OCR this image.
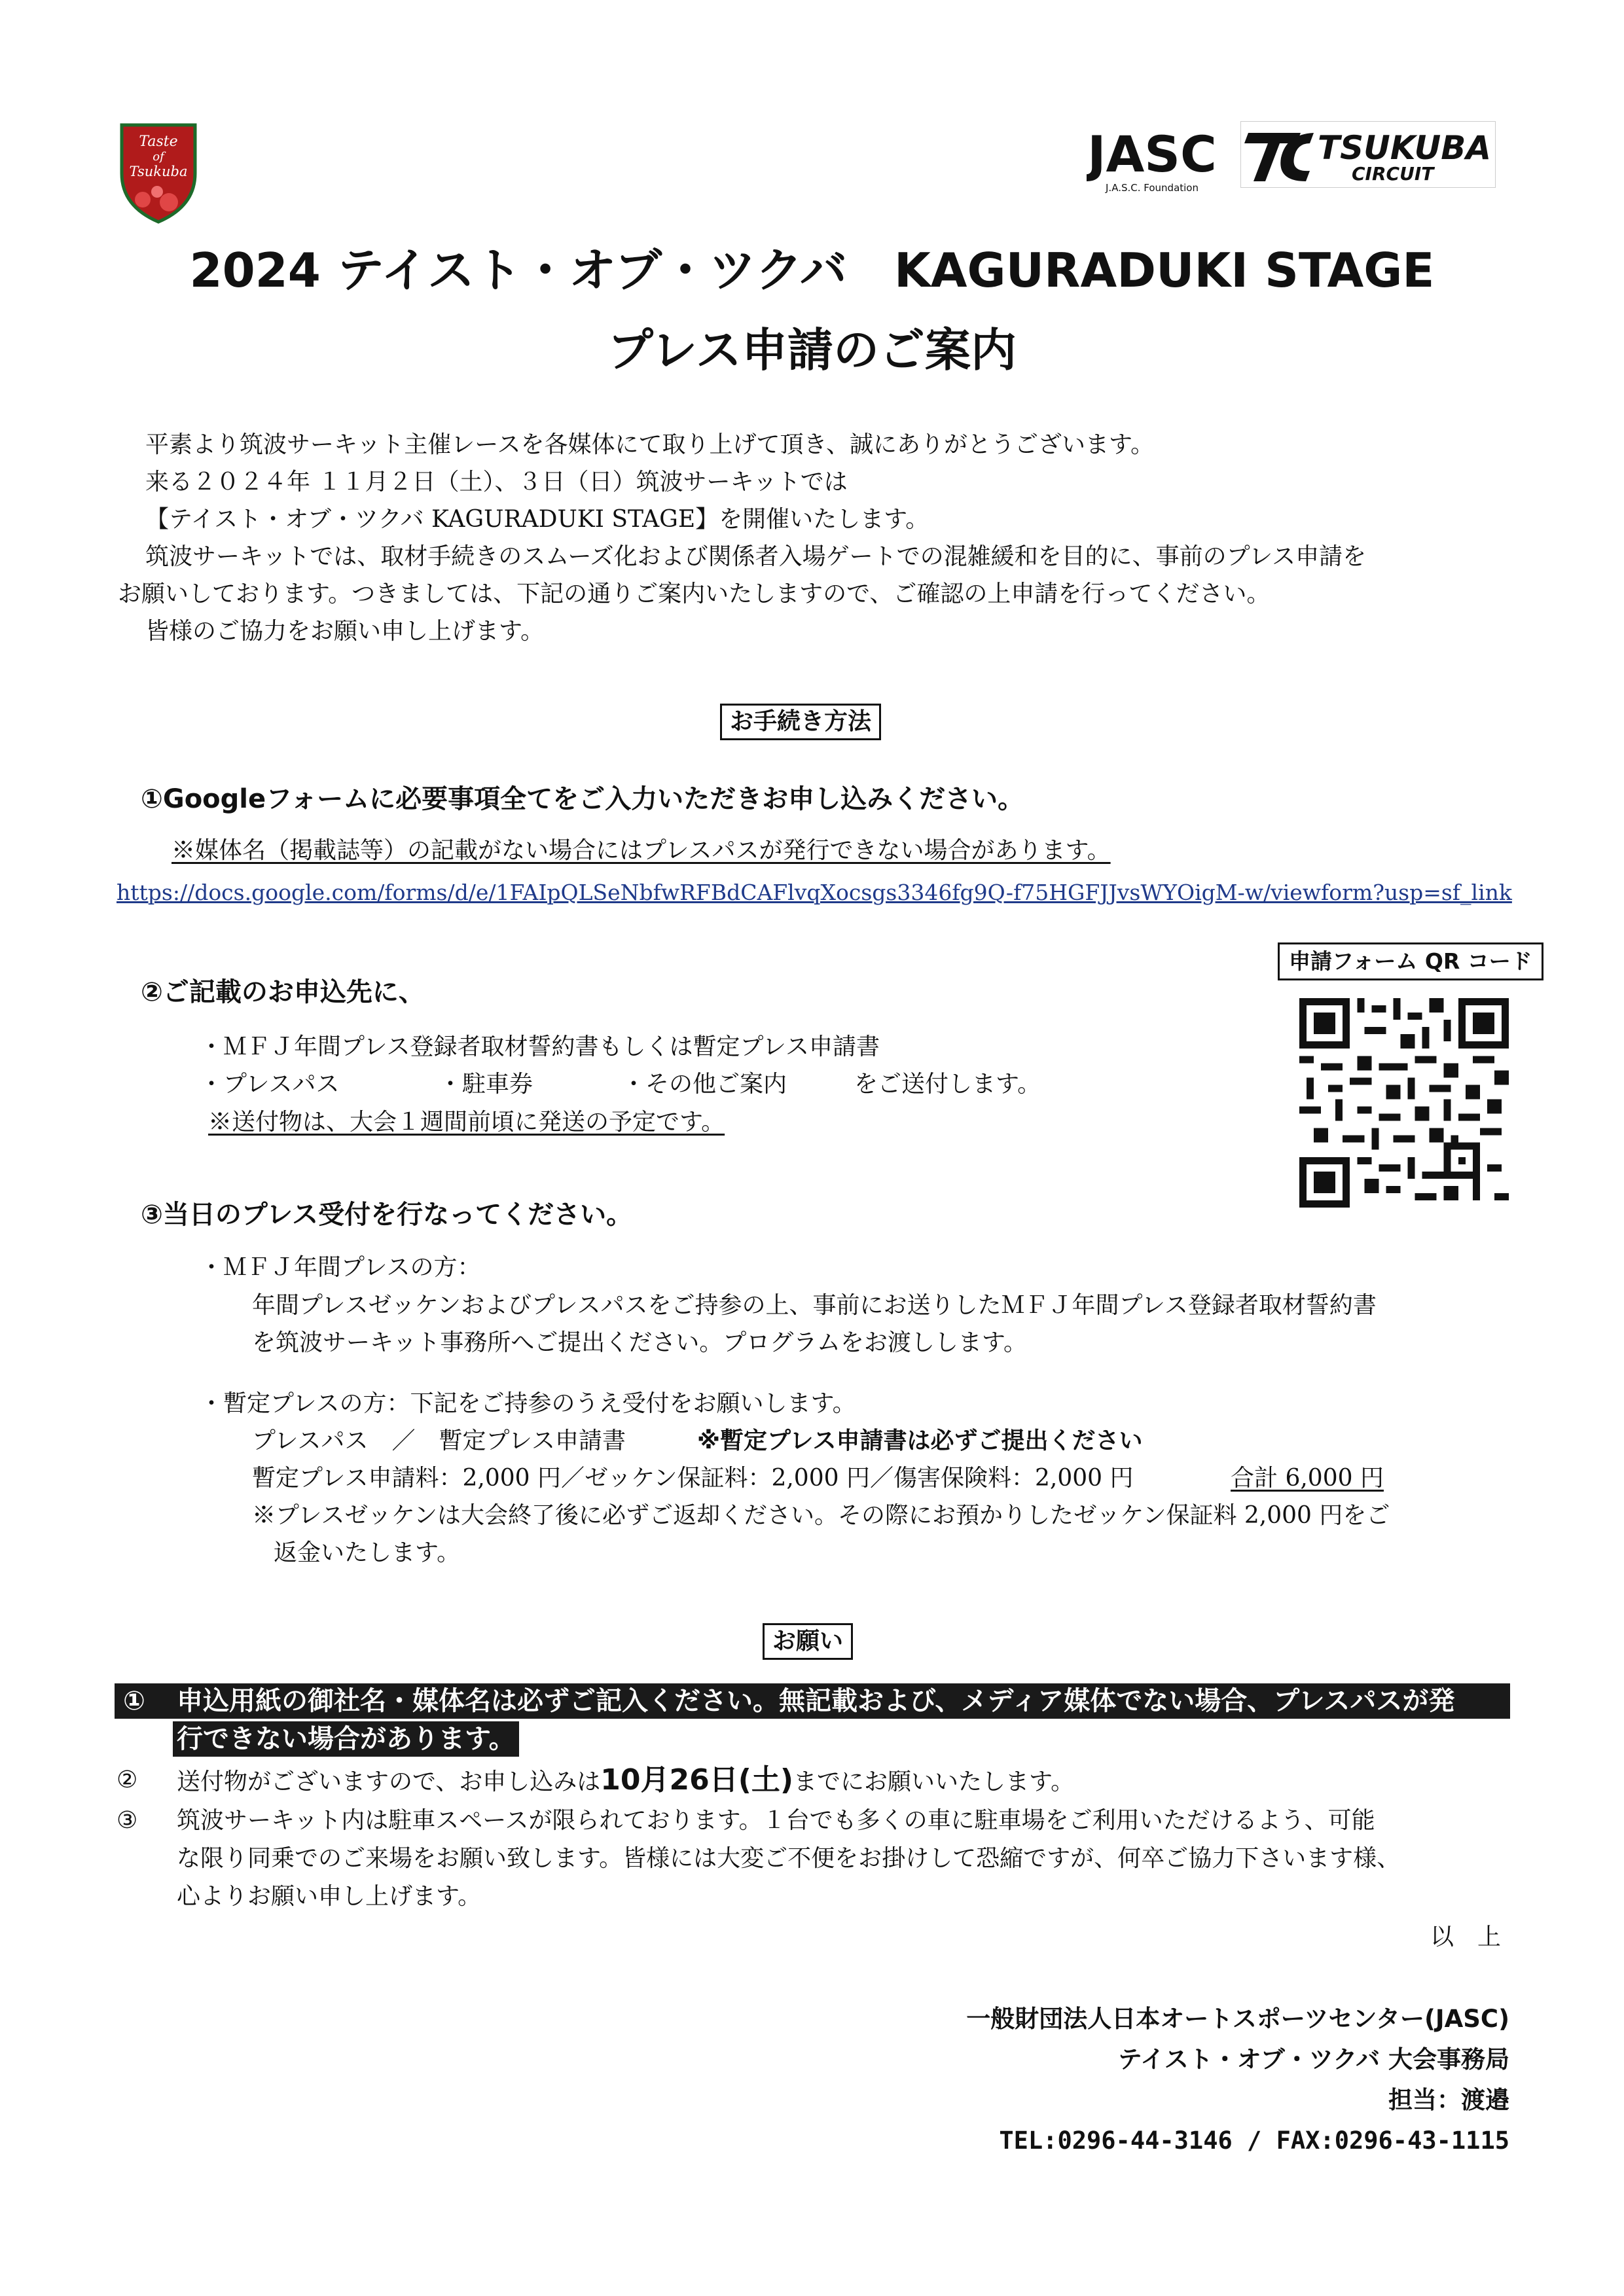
Taste
of
Tsukuba	JASC
J.A.S.C. Foundation
TSUKUBA
CIRCUIT
2024 テイスト・オブ・ツクバ　KAGURADUKI STAGE
プレス申請のご案内
平素より筑波サーキット主催レースを各媒体にて取り上げて頂き、誠にありがとうございます。
来る２０２４年 １１月２日（土）、３日（日）筑波サーキットでは
【テイスト・オブ・ツクバ KAGURADUKI STAGE】を開催いたします。
筑波サーキットでは、取材手続きのスムーズ化および関係者入場ゲートでの混雑緩和を目的に、事前のプレス申請を
お願いしております。つきましては、下記の通りご案内いたしますので、ご確認の上申請を行ってください。
皆様のご協力をお願い申し上げます。
お手続き方法
①Googleフォームに必要事項全てをご入力いただきお申し込みください。
※媒体名（掲載誌等）の記載がない場合にはプレスパスが発行できない場合があります。
https://docs.google.com/forms/d/e/1FAIpQLSeNbfwRFBdCAFlvqXocsgs3346fg9Q-f75HGFJJvsWYOigM-w/viewform?usp=sf_link
申請フォーム QR コード
②ご記載のお申込先に、
・ＭＦＪ年間プレス登録者取材誓約書もしくは暫定プレス申請書
・プレスパス	・駐車券	・その他ご案内	をご送付します。
※送付物は、大会１週間前頃に発送の予定です。
③当日のプレス受付を行なってください。
・ＭＦＪ年間プレスの方：
年間プレスゼッケンおよびプレスパスをご持参の上、事前にお送りしたＭＦＪ年間プレス登録者取材誓約書
を筑波サーキット事務所へご提出ください。プログラムをお渡しします。
・暫定プレスの方：下記をご持参のうえ受付をお願いします。
プレスパス　／　暫定プレス申請書	※暫定プレス申請書は必ずご提出ください
暫定プレス申請料：2,000 円／ゼッケン保証料：2,000 円／傷害保険料：2,000 円	合計 6,000 円
※プレスゼッケンは大会終了後に必ずご返却ください。その際にお預かりしたゼッケン保証料 2,000 円をご
返金いたします。
お願い
① 申込用紙の御社名・媒体名は必ずご記入ください。無記載および、メディア媒体でない場合、プレスパスが発
行できない場合があります。
② 送付物がございますので、お申し込みは10月26日(土)までにお願いいたします。
③ 筑波サーキット内は駐車スペースが限られております。１台でも多くの車に駐車場をご利用いただけるよう、可能
な限り同乗でのご来場をお願い致します。皆様には大変ご不便をお掛けして恐縮ですが、何卒ご協力下さいます様、
心よりお願い申し上げます。
以　上
一般財団法人日本オートスポーツセンター(JASC)
テイスト・オブ・ツクバ 大会事務局
担当：渡邉
TEL:0296-44-3146 / FAX:0296-43-1115
